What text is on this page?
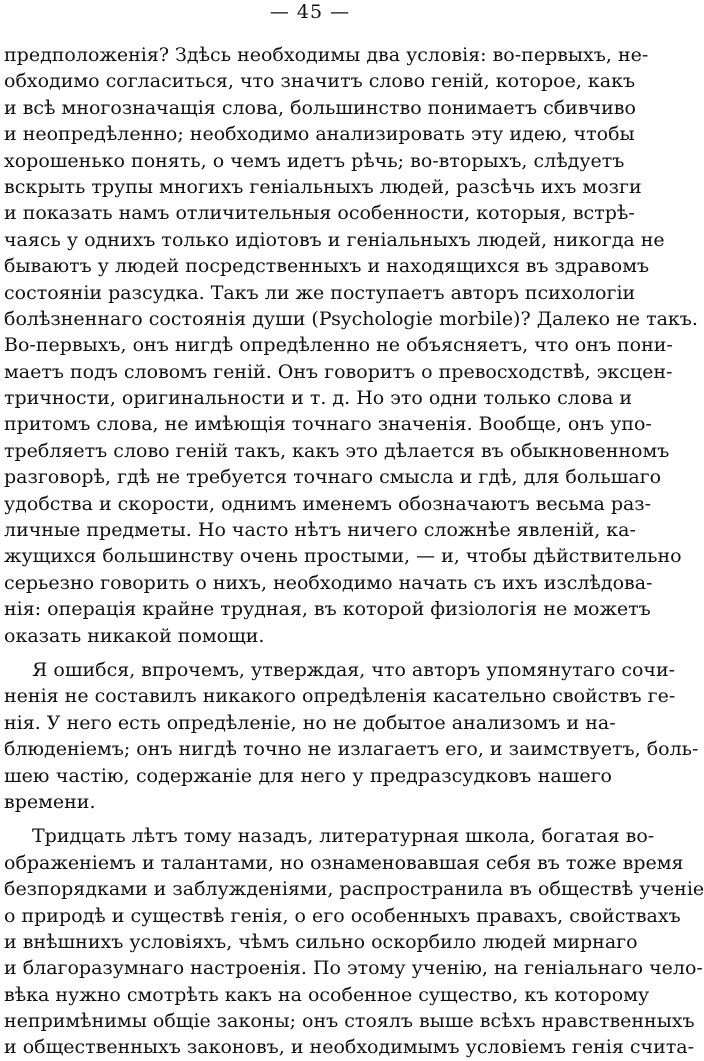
— 45 —
предположенія? Здѣсь необходимы два условія: во-первыхъ, не-
обходимо согласиться, что значитъ слово геній, которое, какъ
и всѣ многозначащія слова, большинство понимаетъ сбивчиво
и неопредѣленно; необходимо анализировать эту идею, чтобы
хорошенько понять, о чемъ идетъ рѣчь; во-вторыхъ, слѣдуетъ
вскрыть трупы многихъ геніальныхъ людей, разсѣчь ихъ мозги
и показать намъ отличительныя особенности, которыя, встрѣ-
чаясь у однихъ только идіотовъ и геніальныхъ людей, никогда не
бываютъ у людей посредственныхъ и находящихся въ здравомъ
состояніи разсудка. Такъ ли же поступаетъ авторъ психологіи
болѣзненнаго состоянія души (Psychologie morbile)? Далеко не такъ.
Во-первыхъ, онъ нигдѣ опредѣленно не объясняетъ, что онъ пони-
маетъ подъ словомъ геній. Онъ говоритъ о превосходствѣ, эксцен-
тричности, оригинальности и т. д. Но это одни только слова и
притомъ слова, не имѣющія точнаго значенія. Вообще, онъ упо-
требляетъ слово геній такъ, какъ это дѣлается въ обыкновенномъ
разговорѣ, гдѣ не требуется точнаго смысла и гдѣ, для большаго
удобства и скорости, однимъ именемъ обозначаютъ весьма раз-
личные предметы. Но часто нѣтъ ничего сложнѣе явленій, ка-
жущихся большинству очень простыми, — и, чтобы дѣйствительно
серьезно говорить о нихъ, необходимо начать съ ихъ изслѣдова-
нія: операція крайне трудная, въ которой физіологія не можетъ
оказать никакой помощи.
Я ошибся, впрочемъ, утверждая, что авторъ упомянутаго сочи-
ненія не составилъ никакого опредѣленія касательно свойствъ ге-
нія. У него есть опредѣленіе, но не добытое анализомъ и на-
блюденіемъ; онъ нигдѣ точно не излагаетъ его, и заимствуетъ, боль-
шею частію, содержаніе для него у предразсудковъ нашего
времени.
Тридцать лѣтъ тому назадъ, литературная школа, богатая во-
ображеніемъ и талантами, но ознаменовавшая себя въ тоже время
безпорядками и заблужденіями, распространила въ обществѣ ученіе
о природѣ и существѣ генія, о его особенныхъ правахъ, свойствахъ
и внѣшнихъ условіяхъ, чѣмъ сильно оскорбило людей мирнаго
и благоразумнаго настроенія. По этому ученію, на геніальнаго чело-
вѣка нужно смотрѣть какъ на особенное существо, къ которому
непримѣнимы общіе законы; онъ стоялъ выше всѣхъ нравственныхъ
и общественныхъ законовъ, и необходимымъ условіемъ генія счита-
